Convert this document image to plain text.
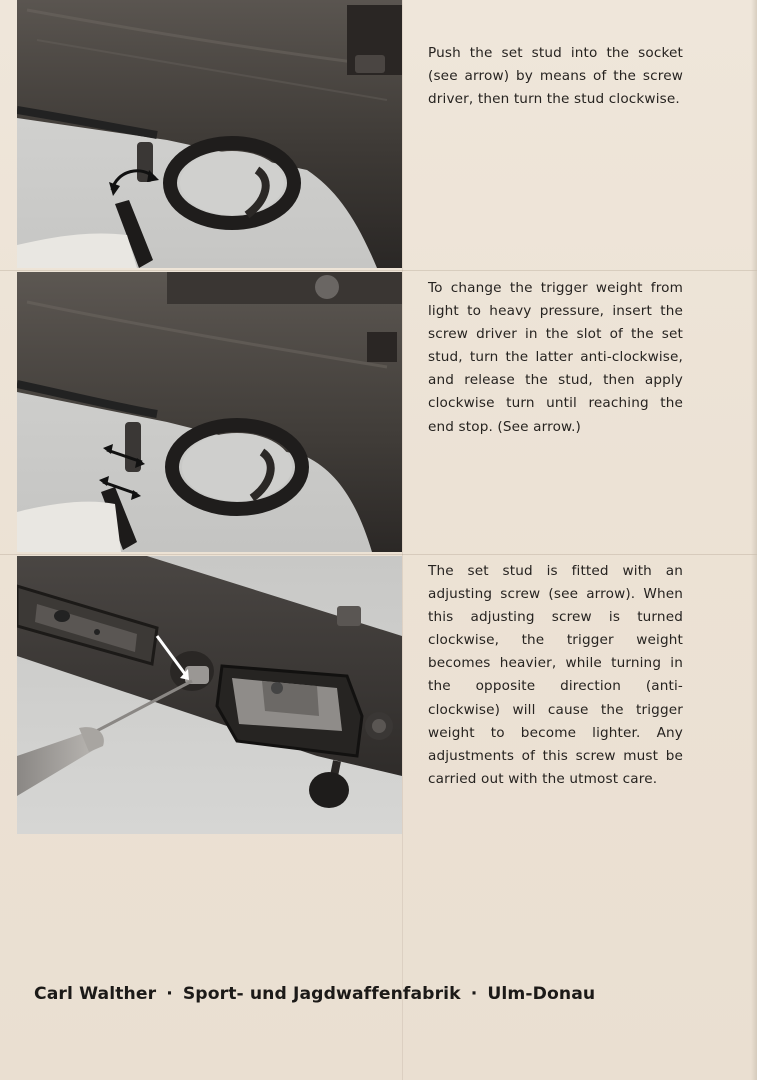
Push the set stud into the socket (see arrow) by means of the screw driver, then turn the stud clockwise.
To change the trigger weight from light to heavy pressure, insert the screw driver in the slot of the set stud, turn the latter anti-clockwise, and release the stud, then apply clockwise turn until reaching the end stop. (See arrow.)
The set stud is fitted with an adjusting screw (see arrow). When this adjusting screw is turned clockwise, the trigger weight becomes heavier, while turning in the opposite direction (anti-clockwise) will cause the trigger weight to become lighter. Any adjustments of this screw must be carried out with the utmost care.
Carl Walther · Sport- und Jagdwaffenfabrik · Ulm-Donau
